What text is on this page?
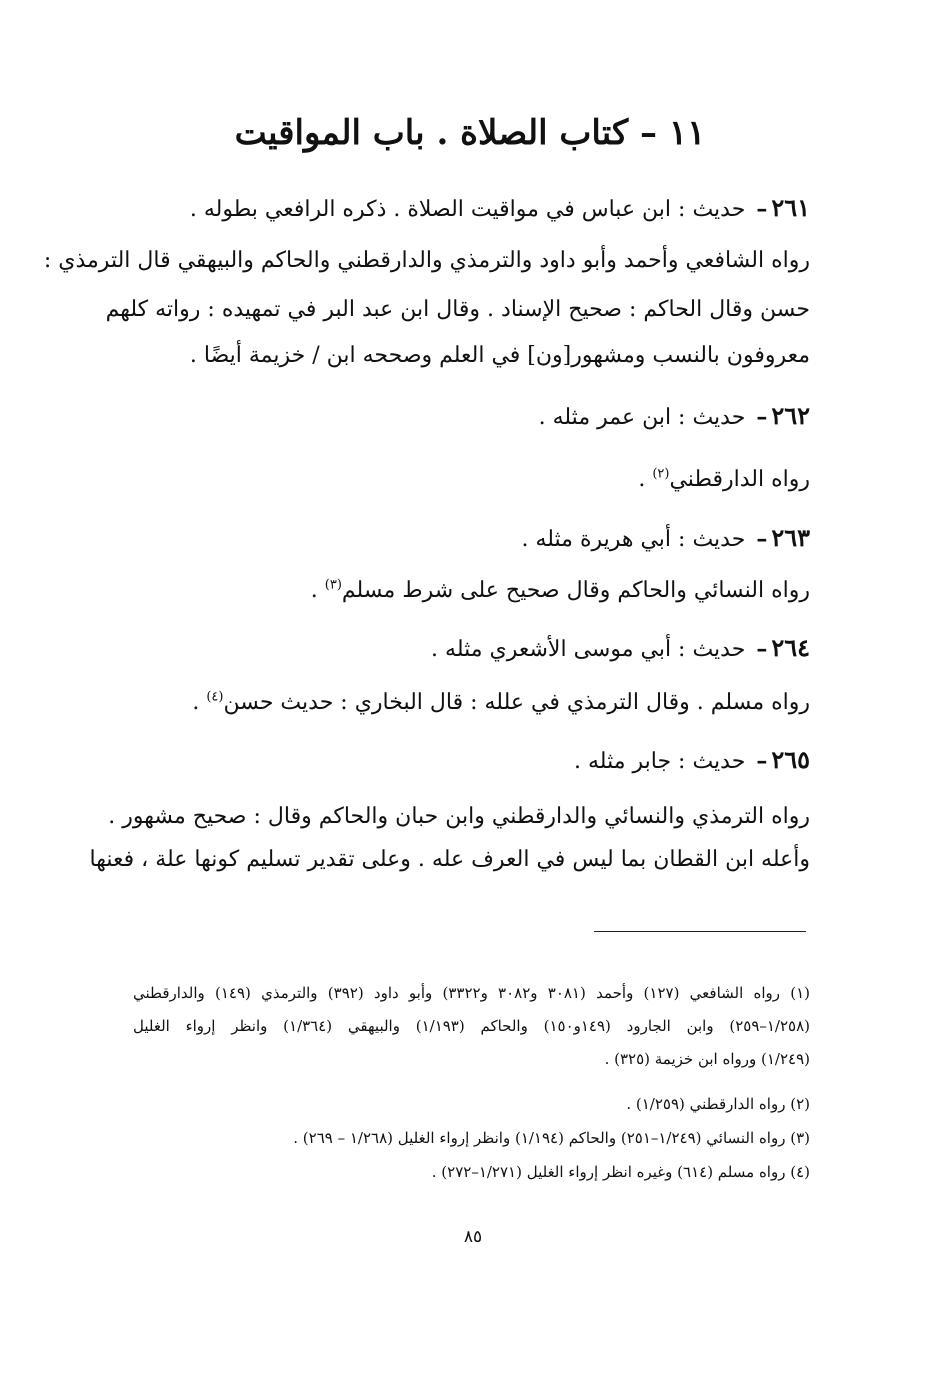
١١ – كتاب الصلاة . باب المواقيت
٢٦١– حديث : ابن عباس في مواقيت الصلاة . ذكره الرافعي بطوله .
رواه الشافعي وأحمد وأبو داود والترمذي والدارقطني والحاكم والبيهقي قال الترمذي :
حسن وقال الحاكم : صحيح الإسناد . وقال ابن عبد البر في تمهيده : رواته كلهم
معروفون بالنسب ومشهور[ون] في العلم وصححه ابن / خزيمة أيضًا .
٢٦٢– حديث : ابن عمر مثله .
رواه الدارقطني$^{(٢)}$ .
٢٦٣– حديث : أبي هريرة مثله .
رواه النسائي والحاكم وقال صحيح على شرط مسلم$^{(٣)}$ .
٢٦٤– حديث : أبي موسى الأشعري مثله .
رواه مسلم . وقال الترمذي في علله : قال البخاري : حديث حسن$^{(٤)}$ .
٢٦٥– حديث : جابر مثله .
رواه الترمذي والنسائي والدارقطني وابن حبان والحاكم وقال : صحيح مشهور .
وأعله ابن القطان بما ليس في العرف عله . وعلى تقدير تسليم كونها علة ، فعنها
(١) رواه الشافعي (١٢٧) وأحمد (٣٠٨١ و٣٠٨٢ و٣٣٢٢) وأبو داود (٣٩٢) والترمذي (١٤٩) والدارقطني
(١/٢٥٨–٢٥٩) وابن الجارود (١٤٩و١٥٠) والحاكم (١/١٩٣) والبيهقي (١/٣٦٤) وانظر إرواء الغليل
(١/٢٤٩) ورواه ابن خزيمة (٣٢٥) .
(٢) رواه الدارقطني (١/٢٥٩) .
(٣) رواه النسائي (١/٢٤٩–٢٥١) والحاكم (١/١٩٤) وانظر إرواء الغليل (١/٢٦٨ – ٢٦٩) .
(٤) رواه مسلم (٦١٤) وغيره انظر إرواء الغليل (١/٢٧١–٢٧٢) .
٨٥
